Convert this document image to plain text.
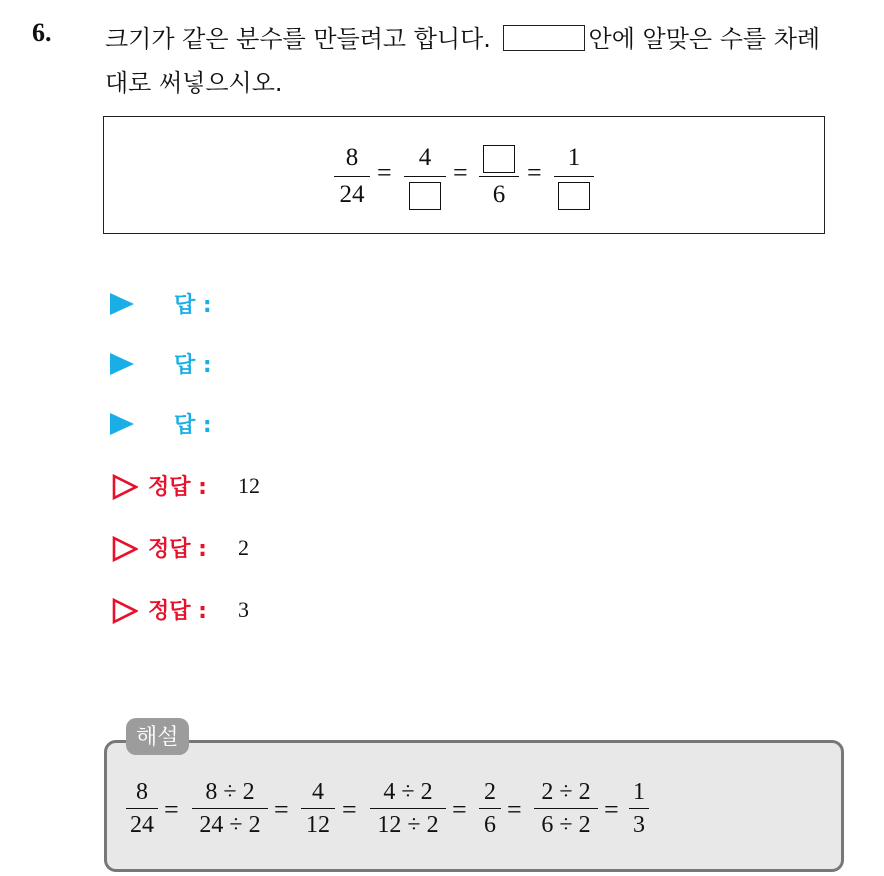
6. 크기가 같은 분수를 만들려고 합니다.	안에 알맞은 수를 차례
대로 써넣으시오.
8
24
=
4
=
6
=
1
답 :
답 :
답 :
정답 : 12
정답 : 2
정답 : 3
해설
8
24
=
8 ÷ 2
24 ÷ 2
=
4
12
=
4 ÷ 2
12 ÷ 2
=
2
6
=
2 ÷ 2
6 ÷ 2
=
1
3
